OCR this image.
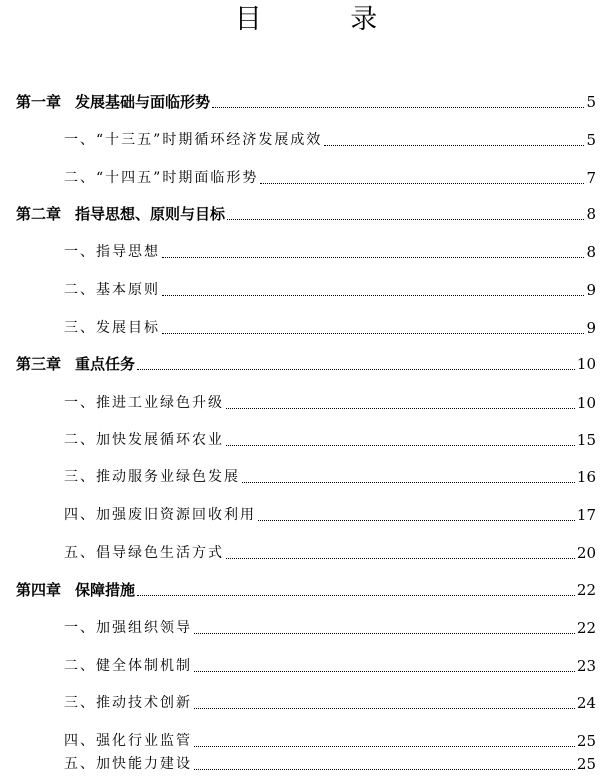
目 录
第一章 发展基础与面临形势	5
一、“十三五”时期循环经济发展成效	5
二、“十四五”时期面临形势	7
第二章 指导思想、原则与目标	8
一、指导思想	8
二、基本原则	9
三、发展目标	9
第三章 重点任务	10
一、推进工业绿色升级	10
二、加快发展循环农业	15
三、推动服务业绿色发展	16
四、加强废旧资源回收利用	17
五、倡导绿色生活方式	20
第四章 保障措施	22
一、加强组织领导	22
二、健全体制机制	23
三、推动技术创新	24
四、强化行业监管	25
五、加快能力建设	25
